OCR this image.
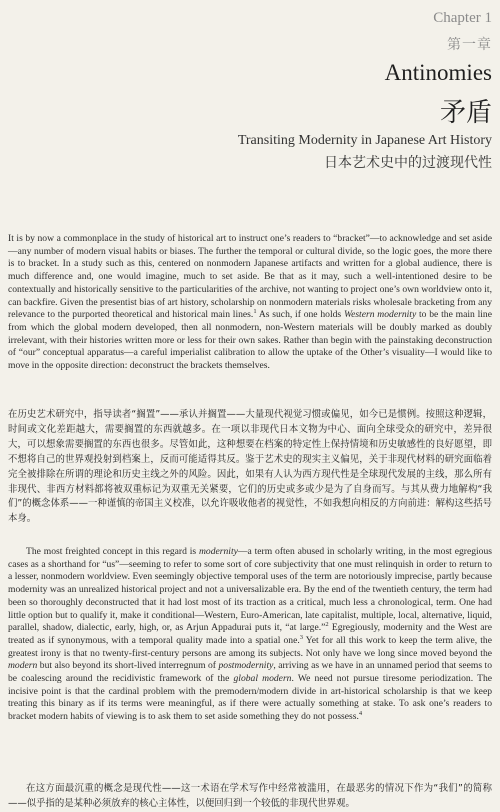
Chapter 1
第一章
Antinomies
矛盾
Transiting Modernity in Japanese Art History
日本艺术史中的过渡现代性

It is by now a commonplace in the study of historical art to instruct one’s readers to “bracket”—to acknowledge and set aside—any number of modern visual habits or biases. The further the temporal or cultural divide, so the logic goes, the more there is to bracket. In a study such as this, centered on nonmodern Japanese artifacts and written for a global audience, there is much difference and, one would imagine, much to set aside. Be that as it may, such a well-intentioned desire to be contextually and historically sensitive to the particularities of the archive, not wanting to project one’s own worldview onto it, can backfire. Given the presentist bias of art history, scholarship on nonmodern materials risks wholesale bracketing from any relevance to the purported theoretical and historical main lines.$^1$ As such, if one holds Western modernity to be the main line from which the global modern developed, then all nonmodern, non-Western materials will be doubly marked as doubly irrelevant, with their histories written more or less for their own sakes. Rather than begin with the painstaking deconstruction of “our” conceptual apparatus—a careful imperialist calibration to allow the uptake of the Other’s visuality—I would like to move in the opposite direction: deconstruct the brackets themselves.

在历史艺术研究中，指导读者“搁置”——承认并搁置——大量现代视觉习惯或偏见，如今已是惯例。按照这种逻辑，时间或文化差距越大，需要搁置的东西就越多。在一项以非现代日本文物为中心、面向全球受众的研究中，差异很大，可以想象需要搁置的东西也很多。尽管如此，这种想要在档案的特定性上保持情境和历史敏感性的良好愿望，即不想将自己的世界观投射到档案上，反而可能适得其反。鉴于艺术史的现实主义偏见，关于非现代材料的研究面临着完全被排除在所谓的理论和历史主线之外的风险。因此，如果有人认为西方现代性是全球现代发展的主线，那么所有非现代、非西方材料都将被双重标记为双重无关紧要，它们的历史或多或少是为了自身而写。与其从费力地解构“我们”的概念体系——一种谨慎的帝国主义校准，以允许吸收他者的视觉性，不如我想向相反的方向前进：解构这些括号本身。

The most freighted concept in this regard is modernity—a term often abused in scholarly writing, in the most egregious cases as a shorthand for “us”—seeming to refer to some sort of core subjectivity that one must relinquish in order to return to a lesser, nonmodern worldview. Even seemingly objective temporal uses of the term are notoriously imprecise, partly because modernity was an unrealized historical project and not a universalizable era. By the end of the twentieth century, the term had been so thoroughly deconstructed that it had lost most of its traction as a critical, much less a chronological, term. One had little option but to qualify it, make it conditional—Western, Euro-American, late capitalist, multiple, local, alternative, liquid, parallel, shadow, dialectic, early, high, or, as Arjun Appadurai puts it, “at large.”$^2$ Egregiously, modernity and the West are treated as if synonymous, with a temporal quality made into a spatial one.$^3$ Yet for all this work to keep the term alive, the greatest irony is that no twenty-first-century persons are among its subjects. Not only have we long since moved beyond the modern but also beyond its short-lived interregnum of postmodernity, arriving as we have in an unnamed period that seems to be coalescing around the recidivistic framework of the global modern. We need not pursue tiresome periodization. The incisive point is that the cardinal problem with the premodern/modern divide in art-historical scholarship is that we keep treating this binary as if its terms were meaningful, as if there were actually something at stake. To ask one’s readers to bracket modern habits of viewing is to ask them to set aside something they do not possess.$^4$

在这方面最沉重的概念是现代性——这一术语在学术写作中经常被滥用，在最恶劣的情况下作为“我们”的简称——似乎指的是某种必须放弃的核心主体性，以便回归到一个较低的非现代世界观。
